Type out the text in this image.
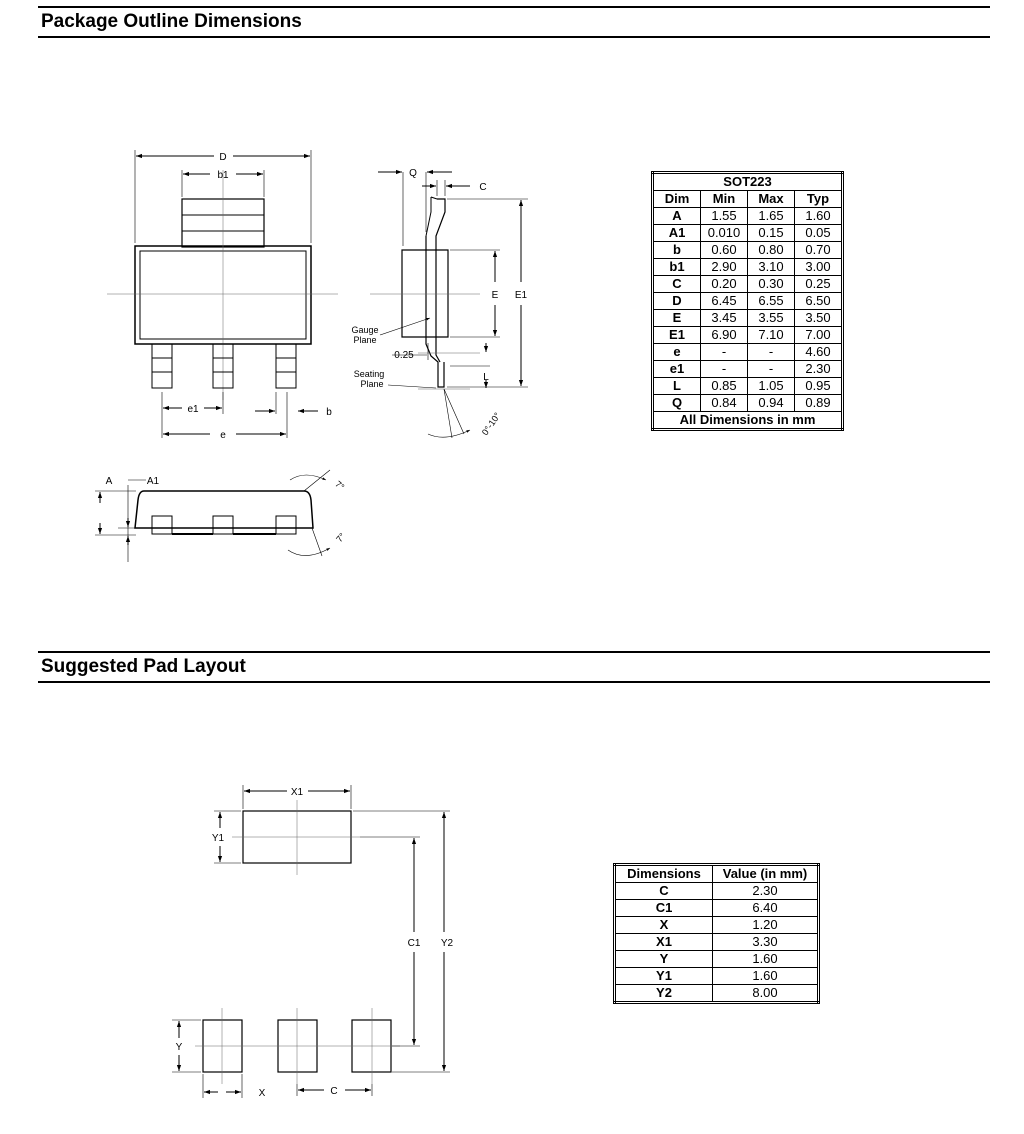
Package Outline Dimensions
Suggested Pad Layout
D
b1
e1	b
e
Q
C
E E1
Gauge
Plane
0.25
Seating
Plane
L
0°-10°
A	A1	7°
7°
X1
Y1
C1 Y2
Y
X	C
SOT223			
Dim	Min	Max	Typ
A	1.55	1.65	1.60
A1	0.010	0.15	0.05
b	0.60	0.80	0.70
b1	2.90	3.10	3.00
C	0.20	0.30	0.25
D	6.45	6.55	6.50
E	3.45	3.55	3.50
E1	6.90	7.10	7.00
e	-	-	4.60
e1	-	-	2.30
L	0.85	1.05	0.95
Q	0.84	0.94	0.89
All Dimensions in mm			
Dimensions	Value (in mm)
C	2.30
C1	6.40
X	1.20
X1	3.30
Y	1.60
Y1	1.60
Y2	8.00
